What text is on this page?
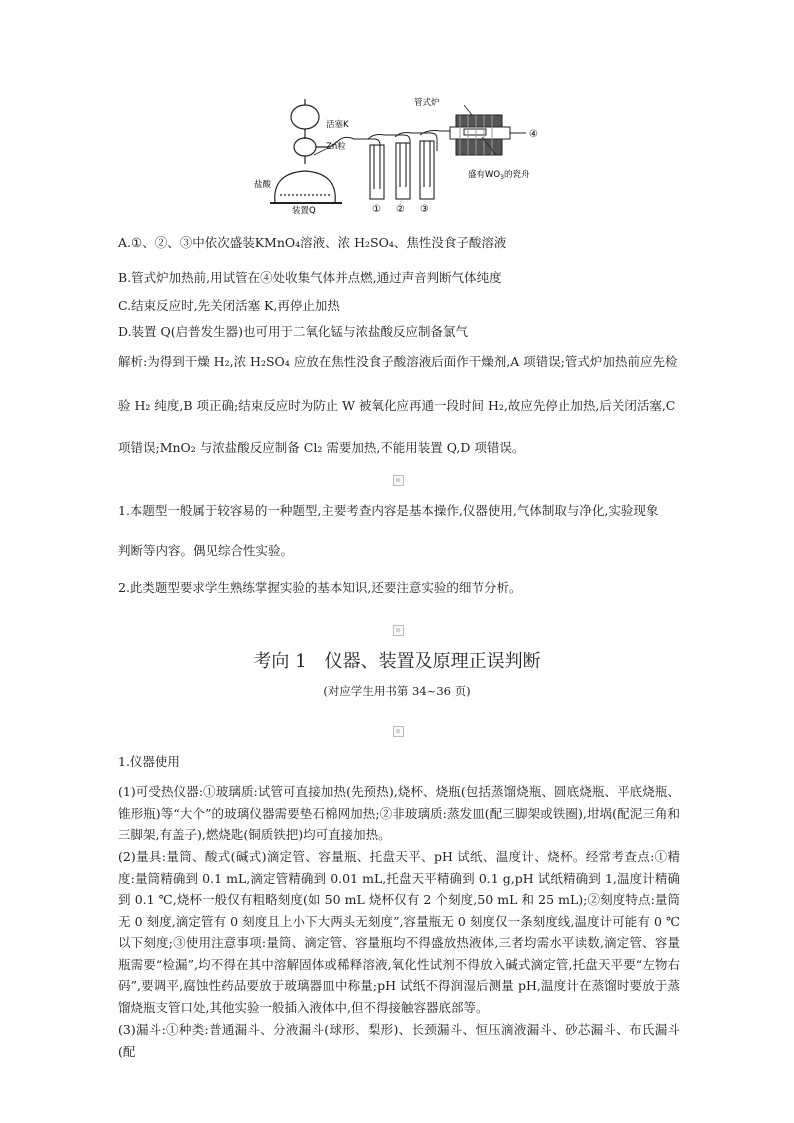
管式炉
活塞K
Zn粒
盐酸
装置Q	① ② ③
④
盛有$WO_3$的瓷舟
A.①、②、③中依次盛装KMnO₄溶液、浓 H₂SO₄、焦性没食子酸溶液
B.管式炉加热前,用试管在④处收集气体并点燃,通过声音判断气体纯度
C.结束反应时,先关闭活塞 K,再停止加热
D.装置 Q(启普发生器)也可用于二氧化锰与浓盐酸反应制备氯气
解析:为得到干燥 H₂,浓 H₂SO₄ 应放在焦性没食子酸溶液后面作干燥剂,A 项错误;管式炉加热前应先检
验 H₂ 纯度,B 项正确;结束反应时为防止 W 被氧化应再通一段时间 H₂,故应先停止加热,后关闭活塞,C
项错误;MnO₂ 与浓盐酸反应制备 Cl₂ 需要加热,不能用装置 Q,D 项错误。
1.本题型一般属于较容易的一种题型,主要考查内容是基本操作,仪器使用,气体制取与净化,实验现象
判断等内容。偶见综合性实验。
2.此类题型要求学生熟练掌握实验的基本知识,还要注意实验的细节分析。
考向 1　仪器、装置及原理正误判断
(对应学生用书第 34~36 页)
1.仪器使用
(1)可受热仪器:①玻璃质:试管可直接加热(先预热),烧杯、烧瓶(包括蒸馏烧瓶、圆底烧瓶、平底烧瓶、锥形瓶)等“大个”的玻璃仪器需要垫石棉网加热;②非玻璃质:蒸发皿(配三脚架或铁圈),坩埚(配泥三角和三脚架,有盖子),燃烧匙(铜质铁把)均可直接加热。
(2)量具:量筒、酸式(碱式)滴定管、容量瓶、托盘天平、pH 试纸、温度计、烧杯。经常考查点:①精度:量筒精确到 0.1 mL,滴定管精确到 0.01 mL,托盘天平精确到 0.1 g,pH 试纸精确到 1,温度计精确到 0.1 ℃,烧杯一般仅有粗略刻度(如 50 mL 烧杯仅有 2 个刻度,50 mL 和 25 mL);②刻度特点:量筒无 0 刻度,滴定管有 0 刻度且上小下大两头无刻度”,容量瓶无 0 刻度仅一条刻度线,温度计可能有 0 ℃以下刻度;③使用注意事项:量筒、滴定管、容量瓶均不得盛放热液体,三者均需水平读数,滴定管、容量瓶需要“检漏”,均不得在其中溶解固体或稀释溶液,氧化性试剂不得放入碱式滴定管,托盘天平要“左物右码”,要调平,腐蚀性药品要放于玻璃器皿中称量;pH 试纸不得润湿后测量 pH,温度计在蒸馏时要放于蒸馏烧瓶支管口处,其他实验一般插入液体中,但不得接触容器底部等。
(3)漏斗:①种类:普通漏斗、分液漏斗(球形、梨形)、长颈漏斗、恒压滴液漏斗、砂芯漏斗、布氏漏斗(配
